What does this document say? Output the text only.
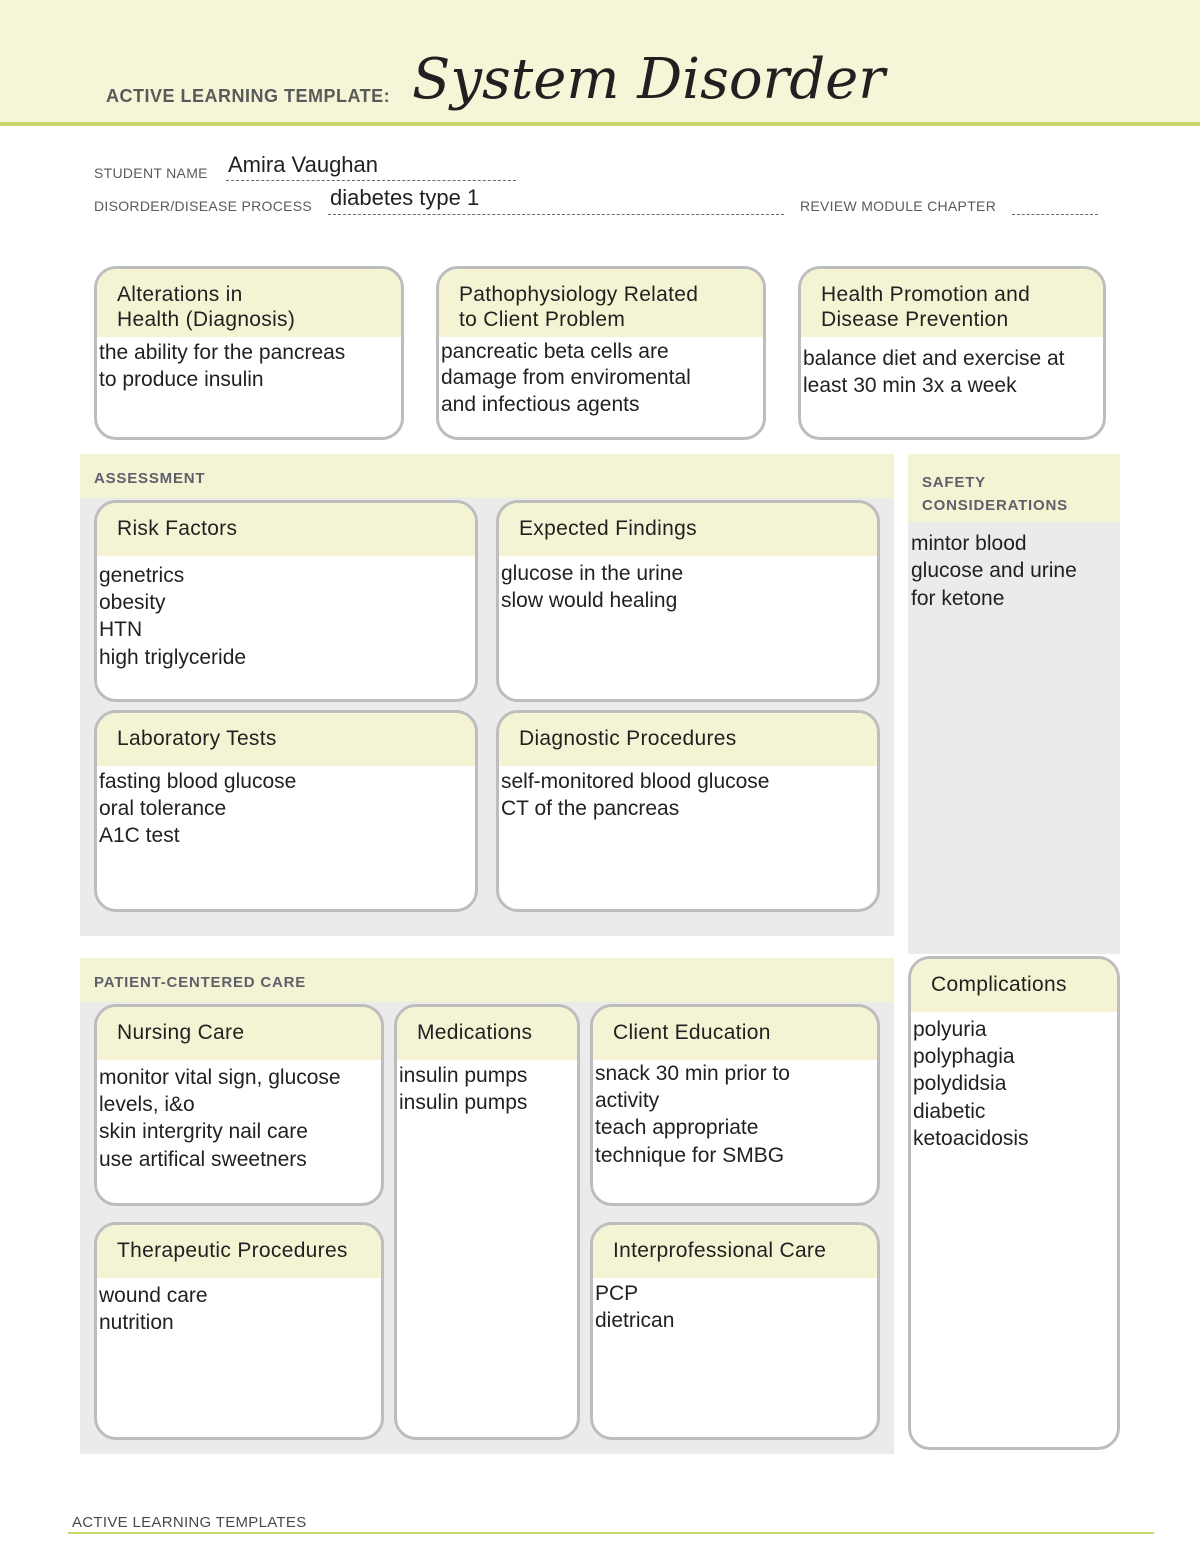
ACTIVE LEARNING TEMPLATE: System Disorder
STUDENT NAME Amira Vaughan
DISORDER/DISEASE PROCESS diabetes type 1	REVIEW MODULE CHAPTER
Alterations in
Health (Diagnosis)
the ability for the pancreas
to produce insulin
Pathophysiology Related
to Client Problem
pancreatic beta cells are
damage from enviromental
and infectious agents
Health Promotion and
Disease Prevention
balance diet and exercise at
least 30 min 3x a week
ASSESSMENT
Risk Factors
genetrics
obesity
HTN
high triglyceride
Expected Findings
glucose in the urine
slow would healing
Laboratory Tests
fasting blood glucose
oral tolerance
A1C test
Diagnostic Procedures
self-monitored blood glucose
CT of the pancreas
SAFETY
CONSIDERATIONS
mintor blood
glucose and urine
for ketone
PATIENT-CENTERED CARE
Nursing Care
monitor vital sign, glucose
levels, i&o
skin intergrity nail care
use artifical sweetners
Medications
insulin pumps
insulin pumps
Client Education
snack 30 min prior to
activity
teach appropriate
technique for SMBG
Therapeutic Procedures
wound care
nutrition
Interprofessional Care
PCP
dietrican
Complications
polyuria
polyphagia
polydidsia
diabetic
ketoacidosis
ACTIVE LEARNING TEMPLATES
